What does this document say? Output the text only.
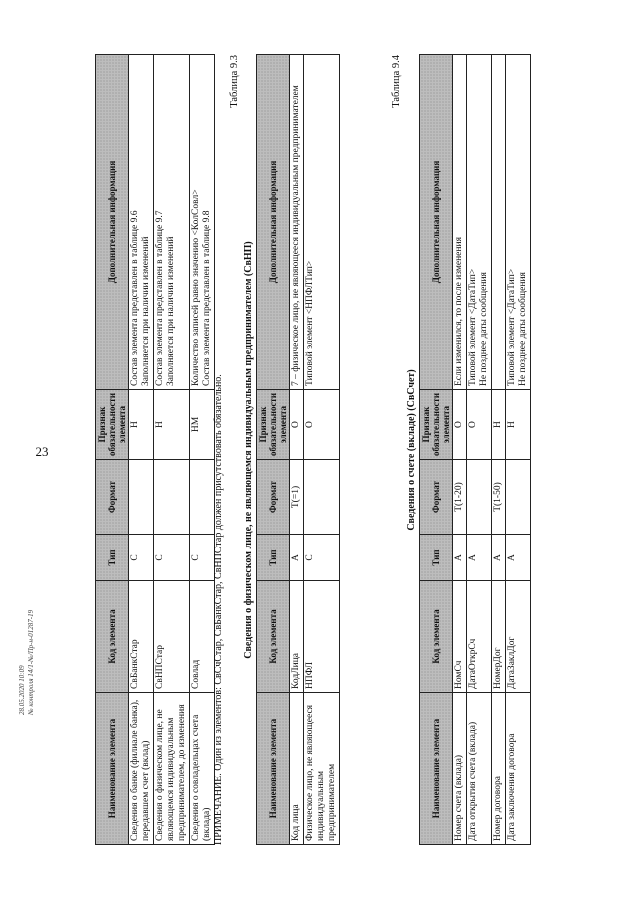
23
28.05.2020 10:09 № контроля 14/1-№/Пр-н-01287-19
Наименование элемента	Код элемента	Тип	Формат	Признак обязательности элемента	Дополнительная информация
Сведения о банке (филиале банка), передавшем счет (вклад)	СвБанкСтар	С		Н	Состав элемента представлен в таблице 9.6
Заполняется при наличии изменений
Сведения о физическом лице, не являющемся индивидуальным предпринимателем, до изменения	СвНПСтар	С		Н	Состав элемента представлен в таблице 9.7
Заполняется при наличии изменений
Сведения о совладельцах счета (вклада)	Совлад	С		НМ	Количество записей равно значению <КолСовл>
Состав элемента представлен в таблице 9.8
ПРИМЕЧАНИЕ. Один из элементов: СвСчСтар, СвБанкСтар, СвНПСтар должен присутствовать обязательно.
Таблица 9.3
Сведения о физическом лице, не являющемся индивидуальным предпринимателем (СвНП)
Наименование элемента	Код элемента	Тип	Формат	Признак обязательности элемента	Дополнительная информация
Код лица	КодЛица	А	T(=1)	О	7 – физическое лицо, не являющееся индивидуальным предпринимателем
Физическое лицо, не являющееся индивидуальным предпринимателем	НПФЛ	С		О	Типовой элемент <НПФЛТип>
Таблица 9.4
Сведения о счете (вкладе) (СвСчет)
Наименование элемента	Код элемента	Тип	Формат	Признак обязательности элемента	Дополнительная информация
Номер счета (вклада)	НомСч	А	T(1-20)	О	Если изменился, то после изменения
Дата открытия счета (вклада)	ДатаОткрСч	А		О	Типовой элемент <ДатаТип>
Не позднее даты сообщения
Номер договора	НомерДог	А	T(1-50)	Н	
Дата заключения договора	ДатаЗаклДог	А		Н	Типовой элемент <ДатаТип>
Не позднее даты сообщения
